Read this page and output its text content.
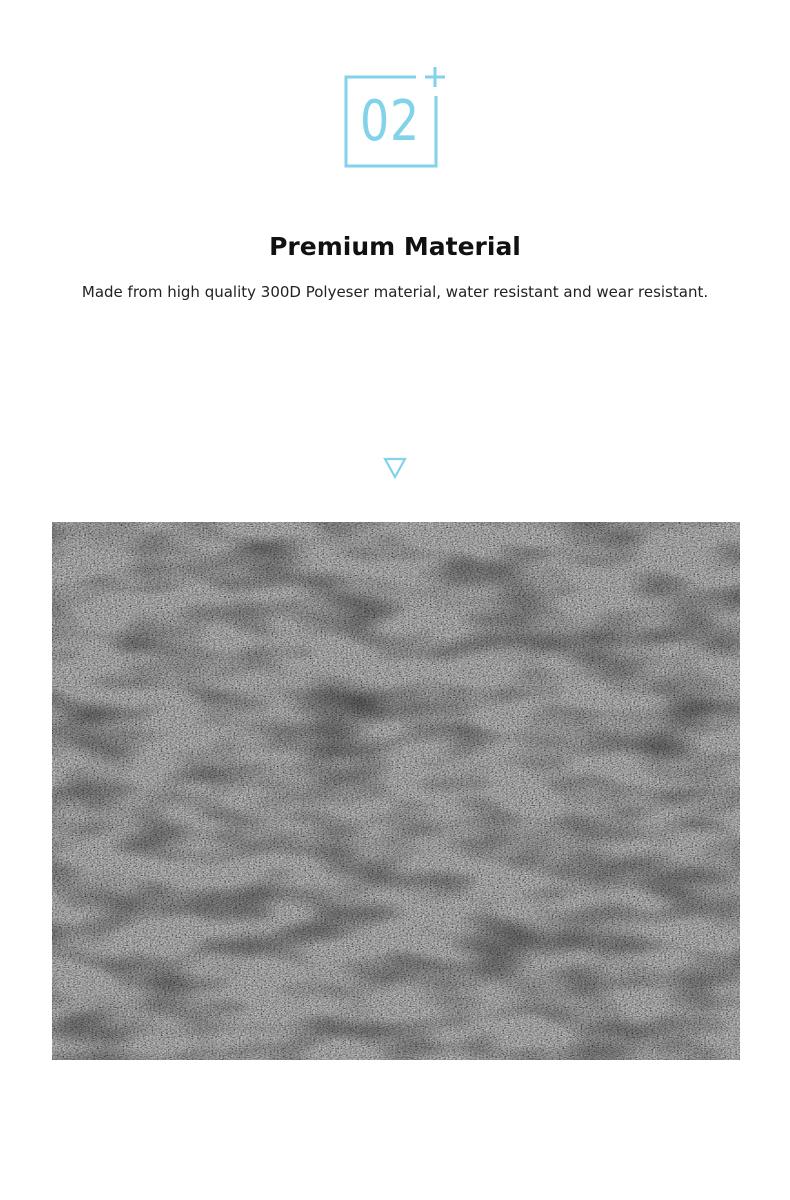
02
Premium Material
Made from high quality 300D Polyeser material, water resistant and wear resistant.
